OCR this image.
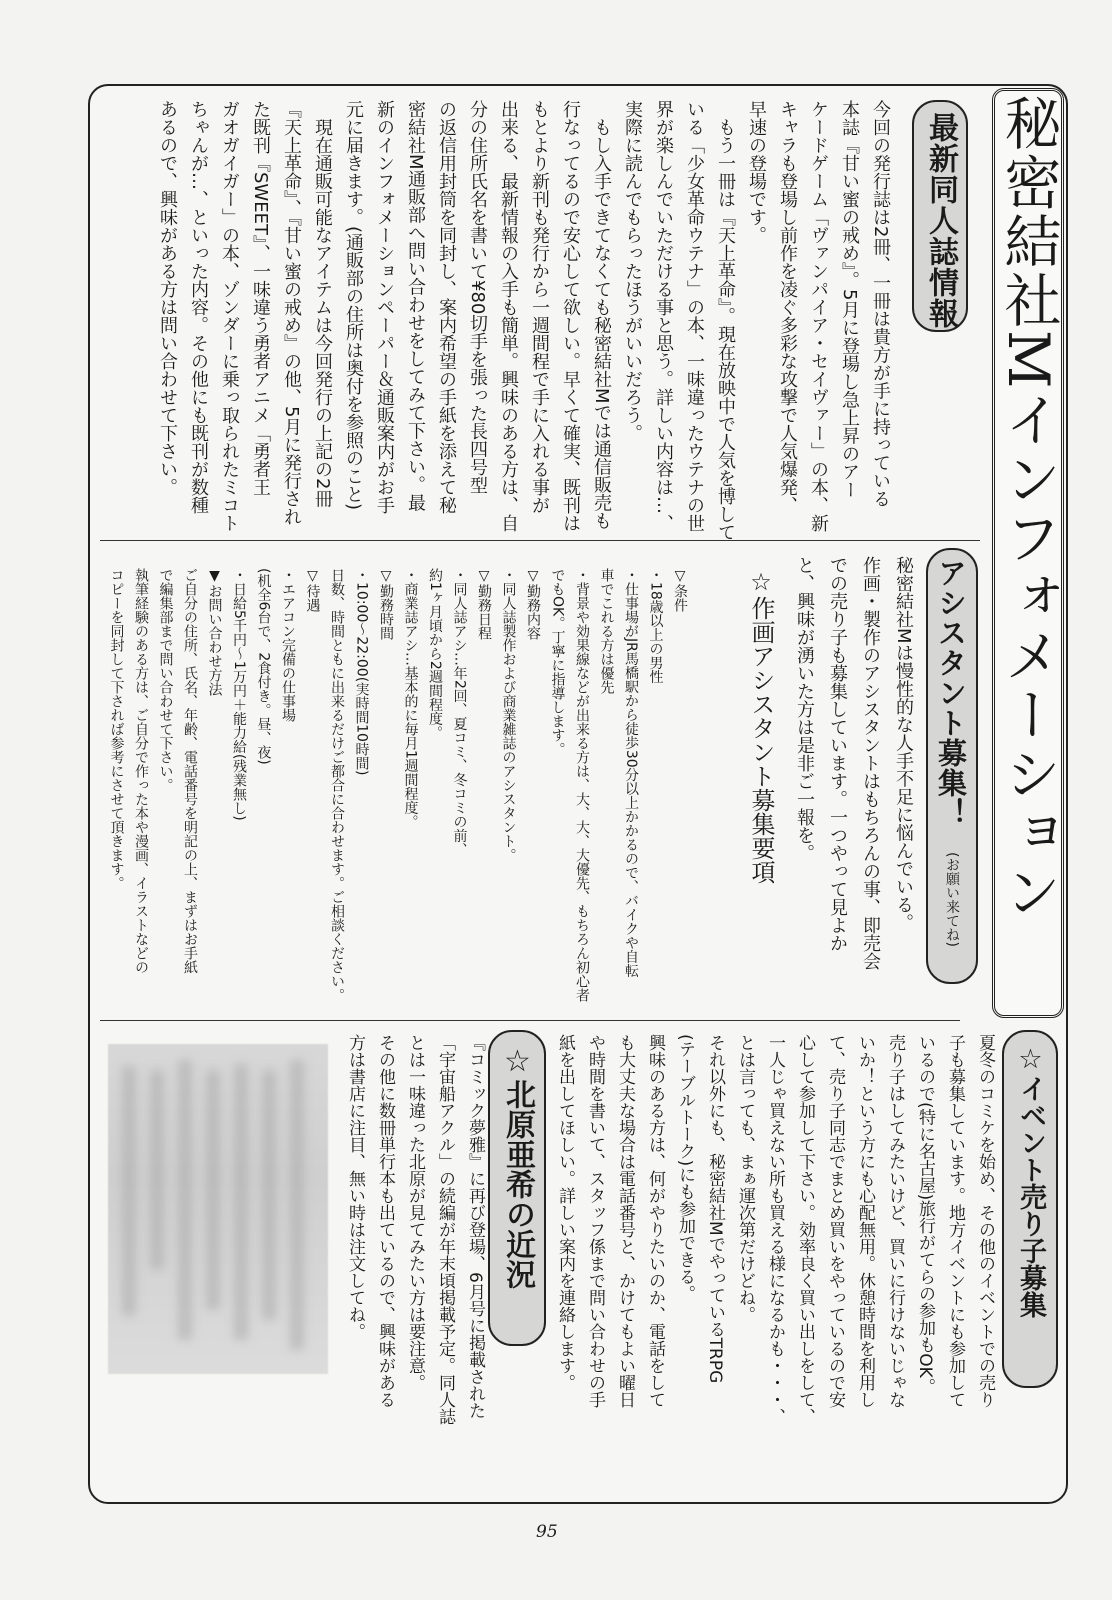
秘密結社Mインフォメーション
最新同人誌情報
今回の発行誌は2冊、一冊は貴方が手に持っている
本誌『甘い蜜の戒め』。5月に登場し急上昇のアー
ケードゲーム「ヴァンパイア・セイヴァー」の本、新
キャラも登場し前作を凌ぐ多彩な攻撃で人気爆発、
早速の登場です。
　もう一冊は『天上革命』。現在放映中で人気を博して
いる「少女革命ウテナ」の本、一味違ったウテナの世
界が楽しんでいただける事と思う。詳しい内容は…、
実際に読んでもらったほうがいいだろう。
　もし入手できてなくても秘密結社Mでは通信販売も
行なってるので安心して欲しい。早くて確実、既刊は
もとより新刊も発行から一週間程で手に入れる事が
出来る、最新情報の入手も簡単。興味のある方は、自
分の住所氏名を書いて¥80切手を張った長四号型
の返信用封筒を同封し、案内希望の手紙を添えて秘
密結社M通販部へ問い合わせをしてみて下さい。最
新のインフォメーションペーパー＆通販案内がお手
元に届きます。(通販部の住所は奥付を参照のこと)
　現在通販可能なアイテムは今回発行の上記の2冊
『天上革命』、『甘い蜜の戒め』の他、5月に発行され
た既刊『SWEET』、一味違う勇者アニメ「勇者王
ガオガイガー」の本、ゾンダーに乗っ取られたミコト
ちゃんが…、といった内容。その他にも既刊が数種
あるので、興味がある方は問い合わせて下さい。
アシスタント募集！
(お願い来てね)
秘密結社Mは慢性的な人手不足に悩んでいる。
作画・製作のアシスタントはもちろんの事、即売会
での売り子も募集しています。一つやって見よか
と、興味が湧いた方は是非ご一報を。
☆作画アシスタント募集要項
▽条件
・18歳以上の男性
・仕事場がJR馬橋駅から徒歩30分以上かかるので、バイクや自転
車でこれる方は優先
・背景や効果線などが出来る方は、大、大、大優先、もちろん初心者
でもOK。丁寧に指導します。
▽勤務内容
・同人誌製作および商業雑誌のアシスタント。
▽勤務日程
・同人誌アシ…年2回、夏コミ、冬コミの前、
約1ヶ月頃から2週間程度。
・商業誌アシ…基本的に毎月1週間程度。
▽勤務時間
・10:00～22:00(実時間10時間)
日数、時間ともに出来るだけご都合に合わせます。ご相談ください。
▽待遇
・エアコン完備の仕事場
(机全6台で、2食付き。昼、夜)
・日給5千円～1万円＋能力給(残業無し)
▼お問い合わせ方法
ご自分の住所、氏名、年齢、電話番号を明記の上、まずはお手紙
で編集部まで問い合わせて下さい。
執筆経験のある方は、ご自分で作った本や漫画、イラストなどの
コピーを同封して下されば参考にさせて頂きます。
☆イベント売り子募集
夏冬のコミケを始め、その他のイベントでの売り
子も募集しています。地方イベントにも参加して
いるので(特に名古屋)旅行がてらの参加もOK。
売り子はしてみたいけど、買いに行けないじゃな
いか！という方にも心配無用。休憩時間を利用し
て、売り子同志でまとめ買いをやっているので安
心して参加して下さい。効率良く買い出しをして、
一人じゃ買えない所も買える様になるかも・・・、
とは言っても、まぁ運次第だけどね。
それ以外にも、秘密結社MでやっているTRPG
(テーブルトーク)にも参加できる。
興味のある方は、何がやりたいのか、電話をして
も大丈夫な場合は電話番号と、かけてもよい曜日
や時間を書いて、スタッフ係まで問い合わせの手
紙を出してほしい。詳しい案内を連絡します。
☆北原亜希の近況
『コミック夢雅』に再び登場、6月号に掲載された
「宇宙船アクル」の続編が年末頃掲載予定。同人誌
とは一味違った北原が見てみたい方は要注意。
その他に数冊単行本も出ているので、興味がある
方は書店に注目、無い時は注文してね。
95
